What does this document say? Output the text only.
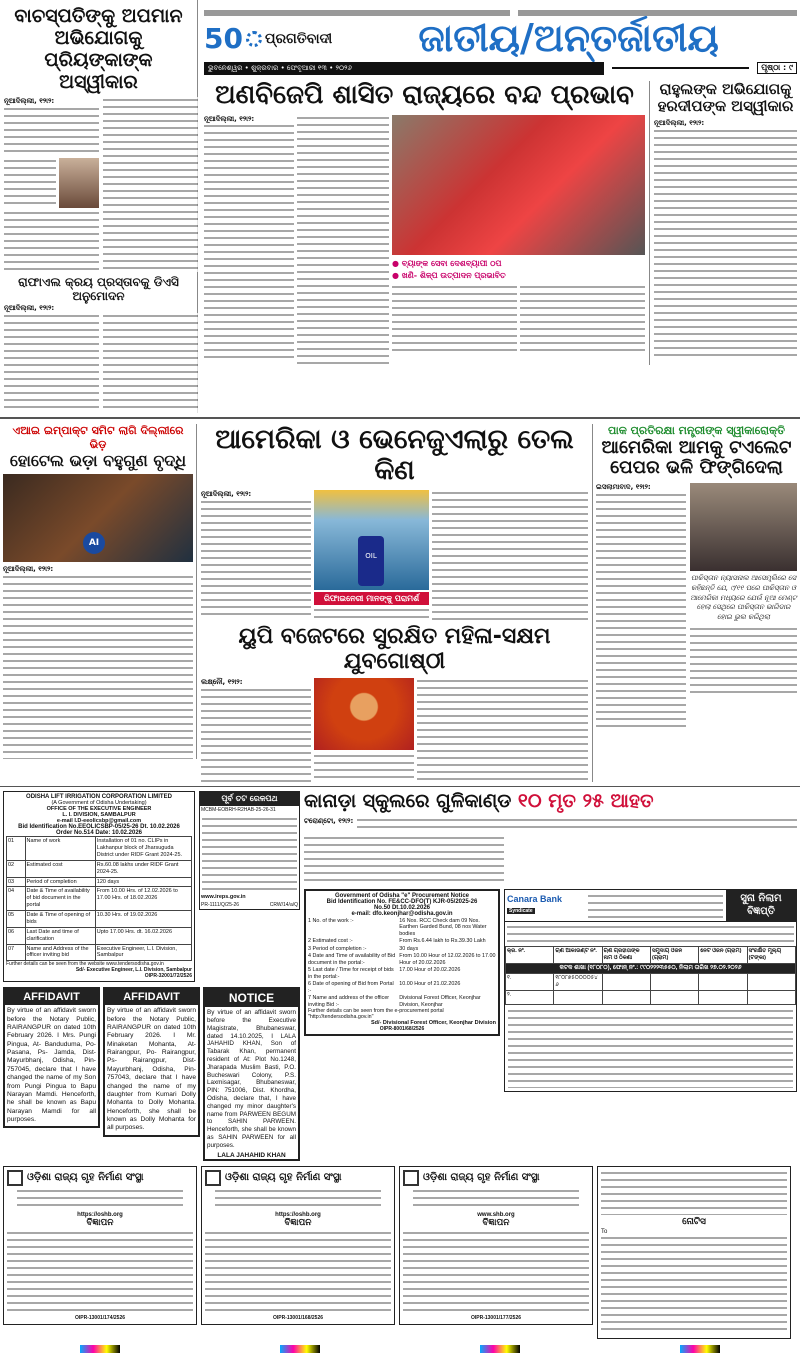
ବାଚସ୍ପତିଙ୍କୁ ଅପମାନ ଅଭିଯୋଗକୁ ପ୍ରିୟଙ୍କାଙ୍କ ଅସ୍ୱୀକାର
ନୂଆଦିଲ୍ଲୀ, ୧୨ା୨:
ରାଫାଏଲ କ୍ରୟ ପ୍ରସ୍ତାବକୁ ଡିଏସି ଅନୁମୋଦନ
ନୂଆଦିଲ୍ଲୀ, ୧୨ା୨:
50 ପ୍ରଗତିବାଦୀ	ଜାତୀୟ/ଅନ୍ତର୍ଜାତୀୟ
ଭୁବନେଶ୍ୱର • ଶୁକ୍ରବାର • ଫେବୃଆରୀ ୧୩ • ୨୦୨୬	ପୃଷ୍ଠା : ୯
ଅଣବିଜେପି ଶାସିତ ରାଜ୍ୟରେ ବନ୍ଦ ପ୍ରଭାବ
ନୂଆଦିଲ୍ଲୀ, ୧୨ା୨:
● ବ୍ୟାଙ୍କ ସେବା ଦେଶବ୍ୟାପୀ ଠପ
● ଖଣି- ଶିଳ୍ପ ଉତ୍ପାଦନ ପ୍ରଭାବିତ
ରାହୁଲଙ୍କ ଅଭିଯୋଗକୁ ହରଦୀପଙ୍କ ଅସ୍ୱୀକାର
ନୂଆଦିଲ୍ଲୀ, ୧୨ା୨:
ଏଆଇ ଇମ୍ପାକ୍ଟ ସମିଟ ଲାଗି ଦିଲ୍ଲୀରେ ଭିଡ଼
ହୋଟେଲ ଭଡ଼ା ବହୁଗୁଣ ବୃଦ୍ଧି
AI
ନୂଆଦିଲ୍ଲୀ, ୧୨ା୨:
ଆମେରିକା ଓ ଭେନେଜୁଏଲାରୁ ତେଲ କିଣ
ନୂଆଦିଲ୍ଲୀ, ୧୨ା୨:
OIL
ରିଫାଇନେରୀ ମାନଙ୍କୁ ପରାମର୍ଶ
ୟୁପି ବଜେଟରେ ସୁରକ୍ଷିତ ମହିଳା-ସକ୍ଷମ ଯୁବଗୋଷ୍ଠୀ
ଲକ୍ଷ୍ନୌ, ୧୨ା୨:
ପାକ ପ୍ରତିରକ୍ଷା ମନ୍ତ୍ରୀଙ୍କ ସ୍ୱୀକାରୋକ୍ତି
ଆମେରିକା ଆମକୁ ଟଏଲେଟ ପେପର ଭଳି ଫିଙ୍ଗିଦେଲା
ଇସଲାମାବାଦ, ୧୨ା୨:
ପାକିସ୍ତାନ ନ୍ୟାସନାଲ ଆସେମ୍ବ୍ଲିରେ ସେ କହିଛନ୍ତି ଯେ, ୯/୧୧ ପରେ ପାକିସ୍ତାନ ଓ ଆମେରିକା ମଧ୍ୟରେ ଯେଉଁ ନୂଆ ମେଣ୍ଟ ହେଲା ସେଥିରେ ପାକିସ୍ତାନ ଭାଗିଦାର ହୋଇ ଭୁଲ କରିଥିଲା
ODISHA LIFT IRRIGATION CORPORATION LIMITED
(A Government of Odisha Undertaking)
OFFICE OF THE EXECUTIVE ENGINEER
L. I. DIVISION, SAMBALPUR
e-mail I.D-eeolicsbp@gmail.com
Bid Identification No.EEOLICSBP-05/25-26 Dt. 10.02.2026
Order No.514 Date: 10.02.2026
01	Name of work	Installation of 01 no. CLIPs in Lakhanpur block of Jharsuguda District under RIDF Grant 2024-25.
02	Estimated cost	Rs.60.08 lakhs under RIDF Grant 2024-25.
03	Period of completion	120 days
04	Date & Time of availability of bid document in the portal	From 10.00 Hrs. of 12.02.2026 to 17.00 Hrs. of 18.02.2026
05	Date & Time of opening of bids	10.30 Hrs. of 19.02.2026
06	Last Date and time of clarification	Upto 17.00 Hrs. dt. 16.02.2026
07	Name and Address of the officer inviting bid	Executive Engineer, L.I. Division, Sambalpur
Further details can be seen from the website www.tendersodisha.gov.in
Sd/- Executive Engineer, L.I. Division, Sambalpur
OIPR-32001/72/2526
ପୂର୍ବ ତଟ ରେଳପଥ
MCBM-EOBRH-R2HAB-25-26-31
www.ireps.gov.in
PR-1111/Q/25-26	CRW/14/a/Q
AFFIDAVIT
By virtue of an affidavit sworn before the Notary Public, RAIRANGPUR on dated 10th February 2026. I Mrs. Pungi Pingua, At- Banduduma, Po- Pasana, Ps- Jamda, Dist- Mayurbhanj, Odisha, Pin-757045, declare that I have changed the name of my Son from Pungi Pingua to Bapu Narayan Mamdi. Henceforth, he shall be known as Bapu Narayan Mamdi for all purposes.
AFFIDAVIT
By virtue of an affidavit sworn before the Notary Public, RAIRANGPUR on dated 10th February 2026. I Mr. Minaketan Mohanta, At- Rairangpur, Po- Rairangpur, Ps- Rairangpur, Dist- Mayurbhanj, Odisha, Pin-757043, declare that I have changed the name of my daughter from Kumari Dolly Mohanta to Dolly Mohanta. Henceforth, she shall be known as Dolly Mohanta for all purposes.
NOTICE
By virtue of an affidavit sworn before the Executive Magistrate, Bhubaneswar, dated 14.10.2025, I LALA JAHAHID KHAN, Son of Tabarak Khan, permanent resident of At: Plot No.1248, Jharapada Muslim Basti, P.O. Bucheswari Colony, P.S. Laxmisagar, Bhubaneswar, PIN: 751006, Dist. Khordha, Odisha, declare that, I have changed my minor daughter's name from PARWEEN BEGUM to SAHIN PARWEEN. Henceforth, she shall be known as SAHIN PARWEEN for all purposes.
LALA JAHAHID KHAN
କାନାଡ଼ା ସ୍କୁଲରେ ଗୁଳିକାଣ୍ଡ ୧୦ ମୃତ ୨୫ ଆହତ
ଟରୋଣ୍ଟୋ, ୧୨ା୨:
Government of Odisha "e" Procurement Notice
Bid Identification No. FE&CC-DFO(T) KJR-05/2025-26
No.50 Dt.10.02.2026
e-mail: dfo.keonjhar@odisha.gov.in
1 No. of the work :-	16 Nos. RCC Check dam 09 Nos. Earthen Garded Bund, 08 nos Water bodies
2 Estimated cost :-	From Rs.6.44 lakh to Rs.39.30 Lakh
3 Period of completion :-	30 days
4 Date and Time of availability of Bid document in the portal:-
From 10.00 Hour of 12.02.2026 to 17.00 Hour of 20.02.2026
5 Last date / Time for receipt of bids in the portal:-
17.00 Hour of 20.02.2026
6 Date of opening of Bid from Portal :-
10.00 Hour of 21.02.2026
7 Name and address of the officer inviting Bid :-
Divisional Forest Officer, Keonjhar Division, Keonjhar
Further details can be seen from the e-procurement portal "http://tendersodisha.gov.in"
Sd/- Divisional Forest Officer, Keonjhar Division
OIPR-8001/68/2526
Canara Bank
Syndicate
ସୁନା ନିଲାମ ବିଜ୍ଞପ୍ତି
କ୍ର. ନଂ.	ଋଣ ଆକାଉଣ୍ଟ ନଂ.	ଋଣ ଗ୍ରହୀତାଙ୍କ ନାମ ଓ ଠିକଣା	ସମୁଦାୟ ଓଜନ (ଗ୍ରାମ)	ନେଟ ଓଜନ (ଗ୍ରାମ)	ସଂରକ୍ଷିତ ମୂଲ୍ୟ (ଟଙ୍କା)
କଟକ ଶାଖା (୧୮୦୮୦), ଫୋନ୍ ନଂ.: ୯୯୦୨୨୨୩୫୫୦, ନିଲାମ ତାରିଖ ୨୭.୦୨.୨୦୨୬					
୧.	୧୮୦୮୭୫୦୦୦୦୫୪୬				
୨.					
ଓଡ଼ିଶା ରାଜ୍ୟ ଗୃହ ନିର୍ମାଣ ସଂସ୍ଥା
https://oshb.org
ବିଜ୍ଞାପନ
OIPR-13001/174/2526
ଓଡ଼ିଶା ରାଜ୍ୟ ଗୃହ ନିର୍ମାଣ ସଂସ୍ଥା
https://oshb.org
ବିଜ୍ଞାପନ
OIPR-13001/168/2526
ଓଡ଼ିଶା ରାଜ୍ୟ ଗୃହ ନିର୍ମାଣ ସଂସ୍ଥା
www.shb.org
ବିଜ୍ଞାପନ
OIPR-13001/177/2526
ନୋଟିସ
To
